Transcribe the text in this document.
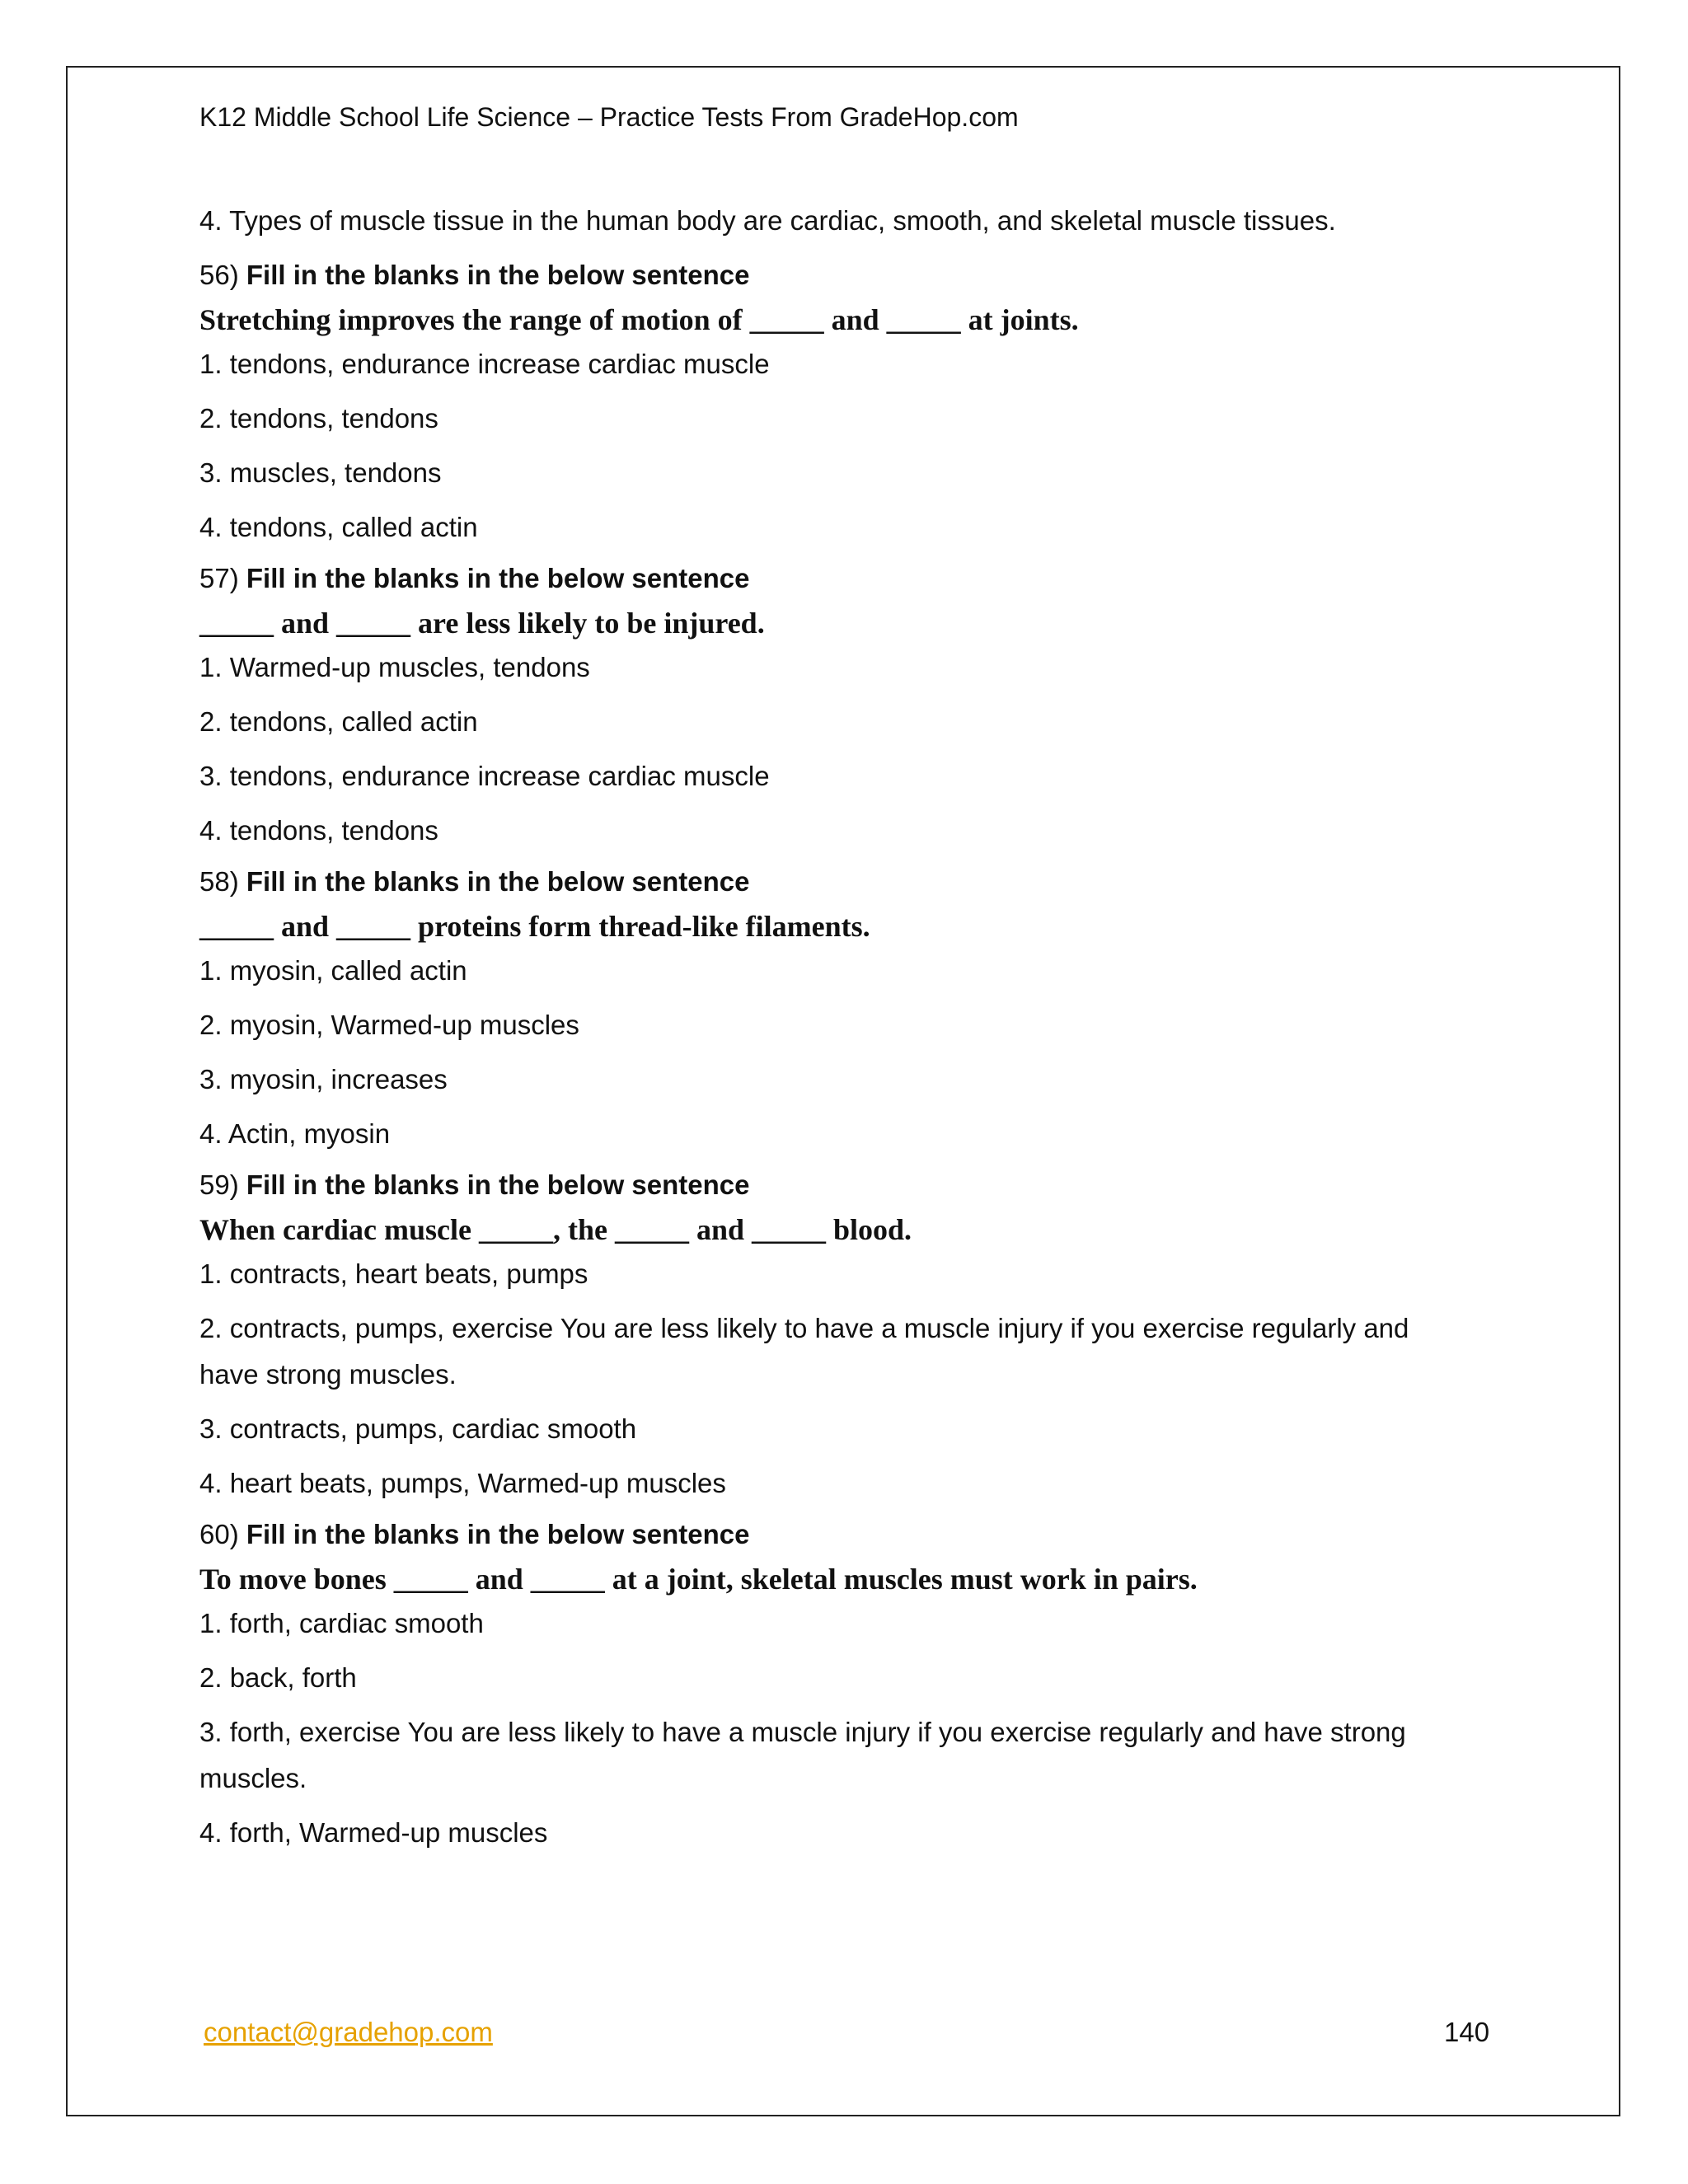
K12 Middle School Life Science – Practice Tests From GradeHop.com
4. Types of muscle tissue in the human body are cardiac, smooth, and skeletal muscle tissues.
56) Fill in the blanks in the below sentence
Stretching improves the range of motion of _____ and _____ at joints.
1. tendons, endurance increase cardiac muscle
2. tendons, tendons
3. muscles, tendons
4. tendons, called actin
57) Fill in the blanks in the below sentence
_____ and _____ are less likely to be injured.
1. Warmed-up muscles, tendons
2. tendons, called actin
3. tendons, endurance increase cardiac muscle
4. tendons, tendons
58) Fill in the blanks in the below sentence
_____ and _____ proteins form thread-like filaments.
1. myosin, called actin
2. myosin, Warmed-up muscles
3. myosin, increases
4. Actin, myosin
59) Fill in the blanks in the below sentence
When cardiac muscle _____, the _____ and _____ blood.
1. contracts, heart beats, pumps
2. contracts, pumps, exercise You are less likely to have a muscle injury if you exercise regularly and have strong muscles.
3. contracts, pumps, cardiac smooth
4. heart beats, pumps, Warmed-up muscles
60) Fill in the blanks in the below sentence
To move bones _____ and _____ at a joint, skeletal muscles must work in pairs.
1. forth, cardiac smooth
2. back, forth
3. forth, exercise You are less likely to have a muscle injury if you exercise regularly and have strong muscles.
4. forth, Warmed-up muscles
contact@gradehop.com	140
